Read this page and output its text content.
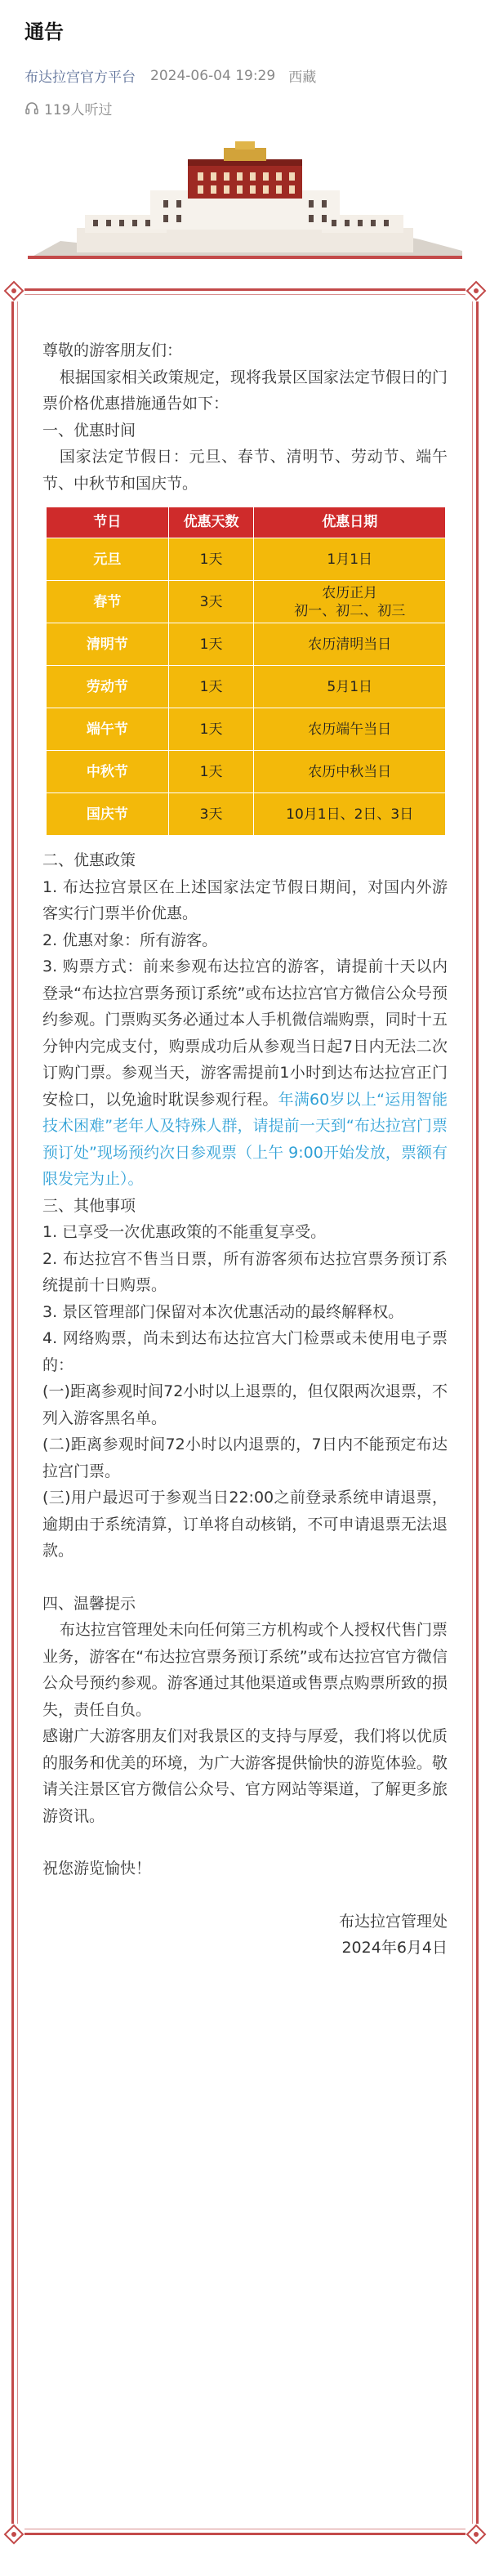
通告
布达拉宫官方平台 2024-06-04 19:29 西藏
119人听过

尊敬的游客朋友们：

根据国家相关政策规定，现将我景区国家法定节假日的门票价格优惠措施通告如下：

一、优惠时间

国家法定节假日：元旦、春节、清明节、劳动节、端午节、中秋节和国庆节。

节日	优惠天数	优惠日期
元旦	1天	1月1日
春节	3天	农历正月
初一、初二、初三

清明节	1天	农历清明当日
劳动节	1天	5月1日
端午节	1天	农历端午当日
中秋节	1天	农历中秋当日
国庆节	3天	10月1日、2日、3日

二、优惠政策

1. 布达拉宫景区在上述国家法定节假日期间，对国内外游客实行门票半价优惠。

2. 优惠对象：所有游客。

3. 购票方式：前来参观布达拉宫的游客，请提前十天以内登录“布达拉宫票务预订系统”或布达拉宫官方微信公众号预约参观。门票购买务必通过本人手机微信端购票，同时十五分钟内完成支付，购票成功后从参观当日起7日内无法二次订购门票。参观当天，游客需提前1小时到达布达拉宫正门安检口，以免逾时耽误参观行程。年满60岁以上“运用智能技术困难”老年人及特殊人群，请提前一天到“布达拉宫门票预订处”现场预约次日参观票（上午 9:00开始发放，票额有限发完为止）。

三、其他事项

1. 已享受一次优惠政策的不能重复享受。

2. 布达拉宫不售当日票，所有游客须布达拉宫票务预订系统提前十日购票。

3. 景区管理部门保留对本次优惠活动的最终解释权。

4. 网络购票，尚未到达布达拉宫大门检票或未使用电子票的：

(一)距离参观时间72小时以上退票的，但仅限两次退票，不列入游客黑名单。

(二)距离参观时间72小时以内退票的，7日内不能预定布达拉宫门票。

(三)用户最迟可于参观当日22:00之前登录系统申请退票，逾期由于系统清算，订单将自动核销，不可申请退票无法退款。

四、温馨提示

布达拉宫管理处未向任何第三方机构或个人授权代售门票业务，游客在“布达拉宫票务预订系统”或布达拉宫官方微信公众号预约参观。游客通过其他渠道或售票点购票所致的损失，责任自负。

感谢广大游客朋友们对我景区的支持与厚爱，我们将以优质的服务和优美的环境，为广大游客提供愉快的游览体验。敬请关注景区官方微信公众号、官方网站等渠道，了解更多旅游资讯。

祝您游览愉快！

布达拉宫管理处

2024年6月4日
